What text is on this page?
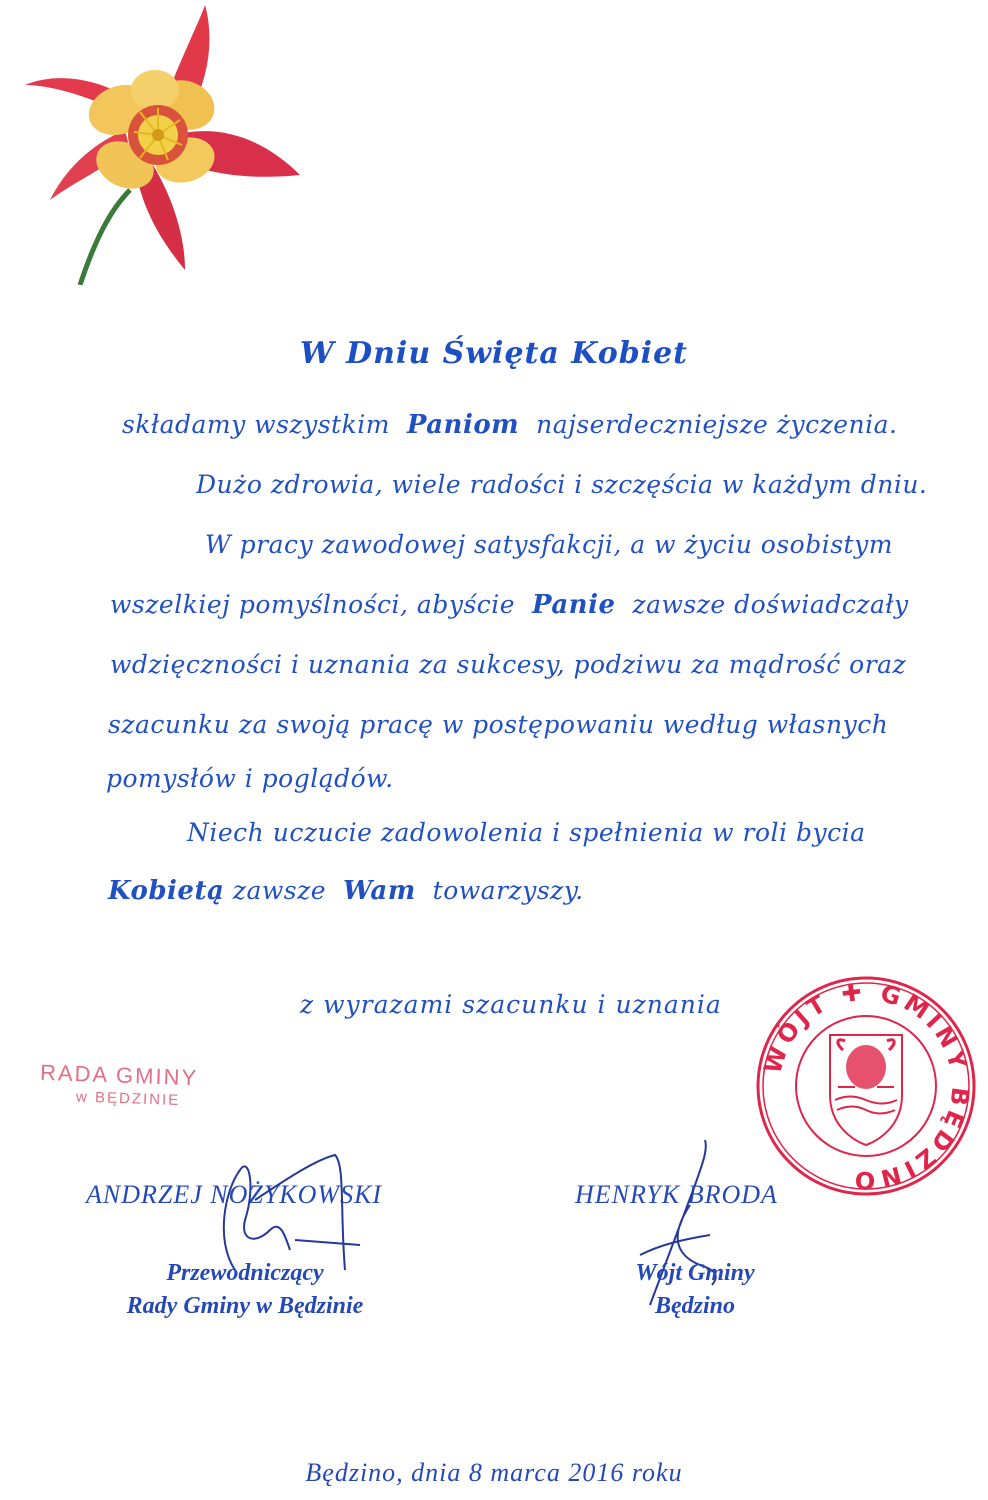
W Dniu Święta Kobiet
składamy wszystkim Paniom najserdeczniejsze życzenia.
Dużo zdrowia, wiele radości i szczęścia w każdym dniu.
W pracy zawodowej satysfakcji, a w życiu osobistym
wszelkiej pomyślności, abyście Panie zawsze doświadczały
wdzięczności i uznania za sukcesy, podziwu za mądrość oraz
szacunku za swoją pracę w postępowaniu według własnych
pomysłów i poglądów.
Niech uczucie zadowolenia i spełnienia w roli bycia
Kobietą zawsze Wam towarzyszy.
z wyrazami szacunku i uznania
RADA GMINY
w BĘDZINIE
WÓJT ✚ GMINY BĘDZINO
ANDRZEJ NOŻYKOWSKI
Przewodniczący
Rady Gminy w Będzinie
HENRYK BRODA
Wójt Gminy
Będzino
Będzino, dnia 8 marca 2016 roku
